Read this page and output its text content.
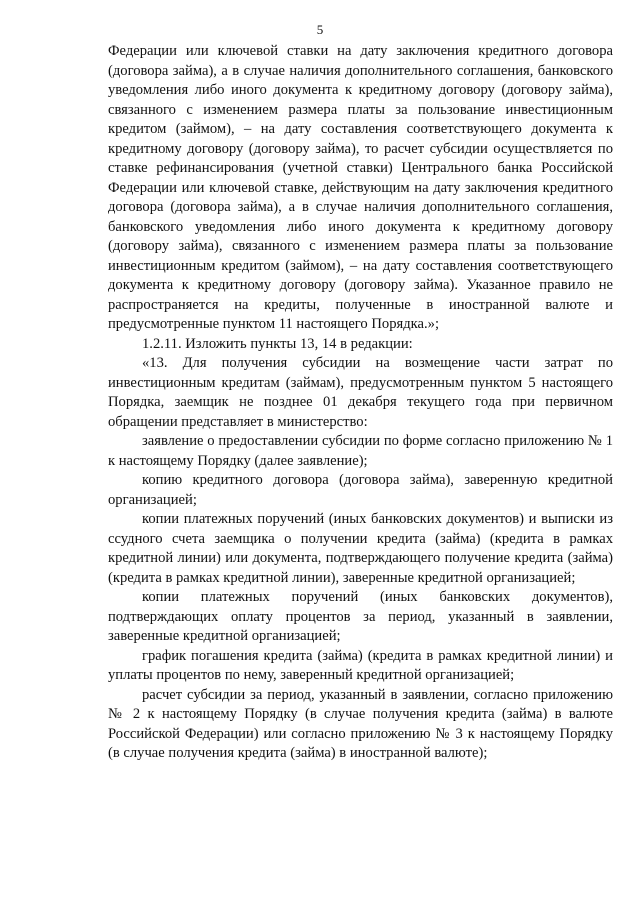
5

Федерации или ключевой ставки на дату заключения кредитного договора (договора займа), а в случае наличия дополнительного соглашения, банковского уведомления либо иного документа к кредитному договору (договору займа), связанного с изменением размера платы за пользование инвестиционным кредитом (займом), – на дату составления соответствующего документа к кредитному договору (договору займа), то расчет субсидии осуществляется по ставке рефинансирования (учетной ставки) Центрального банка Российской Федерации или ключевой ставке, действующим на дату заключения кредитного договора (договора займа), а в случае наличия дополнительного соглашения, банковского уведомления либо иного документа к кредитному договору (договору займа), связанного с изменением размера платы за пользование инвестиционным кредитом (займом), – на дату составления соответствующего документа к кредитному договору (договору займа). Указанное правило не распространяется на кредиты, полученные в иностранной валюте и предусмотренные пунктом 11 настоящего Порядка.»;

1.2.11. Изложить пункты 13, 14 в редакции:

«13. Для получения субсидии на возмещение части затрат по инвестиционным кредитам (займам), предусмотренным пунктом 5 настоящего Порядка, заемщик не позднее 01 декабря текущего года при первичном обращении представляет в министерство:

заявление о предоставлении субсидии по форме согласно приложению № 1 к настоящему Порядку (далее заявление);

копию кредитного договора (договора займа), заверенную кредитной организацией;

копии платежных поручений (иных банковских документов) и выписки из ссудного счета заемщика о получении кредита (займа) (кредита в рамках кредитной линии) или документа, подтверждающего получение кредита (займа) (кредита в рамках кредитной линии), заверенные кредитной организацией;

копии платежных поручений (иных банковских документов), подтверждающих оплату процентов за период, указанный в заявлении, заверенные кредитной организацией;

график погашения кредита (займа) (кредита в рамках кредитной линии) и уплаты процентов по нему, заверенный кредитной организацией;

расчет субсидии за период, указанный в заявлении, согласно приложению № 2 к настоящему Порядку (в случае получения кредита (займа) в валюте Российской Федерации) или согласно приложению № 3 к настоящему Порядку (в случае получения кредита (займа) в иностранной валюте);
